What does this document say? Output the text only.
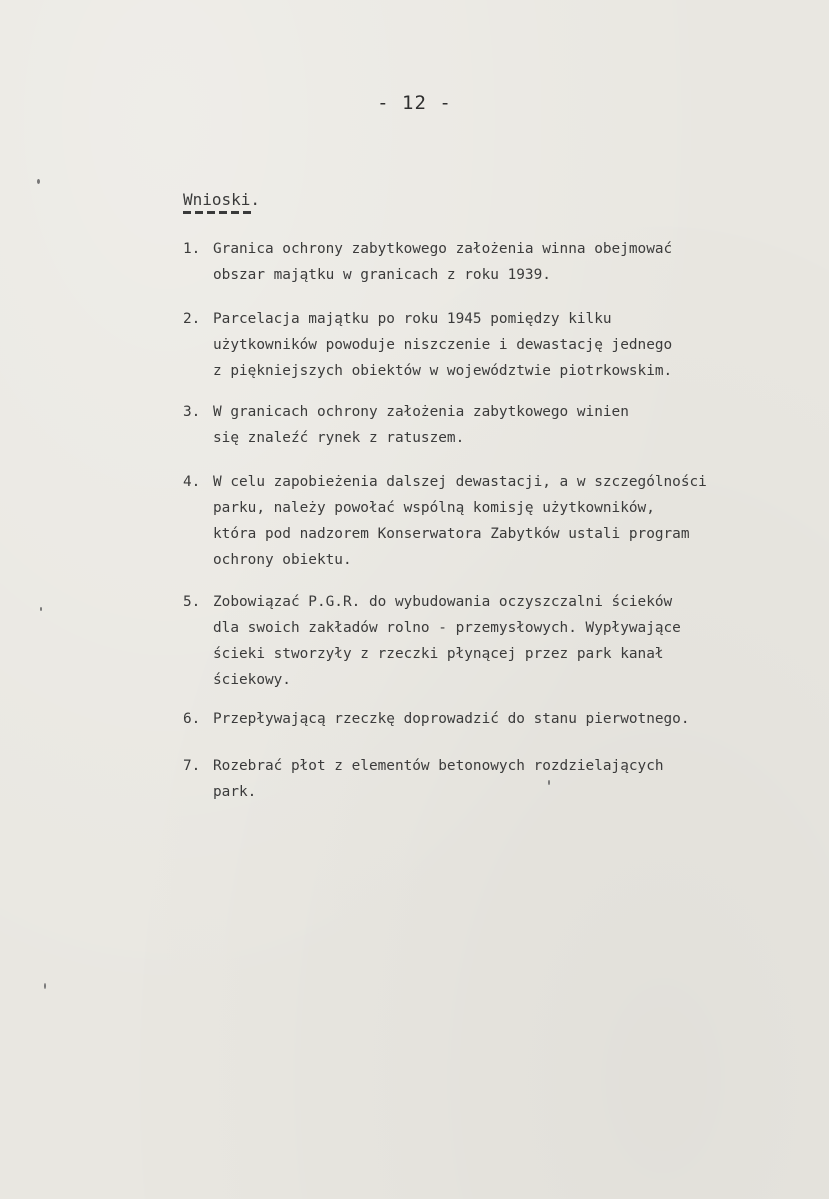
- 12 -
Wnioski.
1. Granica ochrony zabytkowego założenia winna obejmować
obszar majątku w granicach z roku 1939.
2. Parcelacja majątku po roku 1945 pomiędzy kilku
użytkowników powoduje niszczenie i dewastację jednego
z piękniejszych obiektów w województwie piotrkowskim.
3. W granicach ochrony założenia zabytkowego winien
się znaleźć rynek z ratuszem.
4. W celu zapobieżenia dalszej dewastacji, a w szczególności
parku, należy powołać wspólną komisję użytkowników,
która pod nadzorem Konserwatora Zabytków ustali program
ochrony obiektu.
5. Zobowiązać P.G.R. do wybudowania oczyszczalni ścieków
dla swoich zakładów rolno - przemysłowych. Wypływające
ścieki stworzyły z rzeczki płynącej przez park kanał
ściekowy.
6. Przepływającą rzeczkę doprowadzić do stanu pierwotnego.
7. Rozebrać płot z elementów betonowych rozdzielających
park.
